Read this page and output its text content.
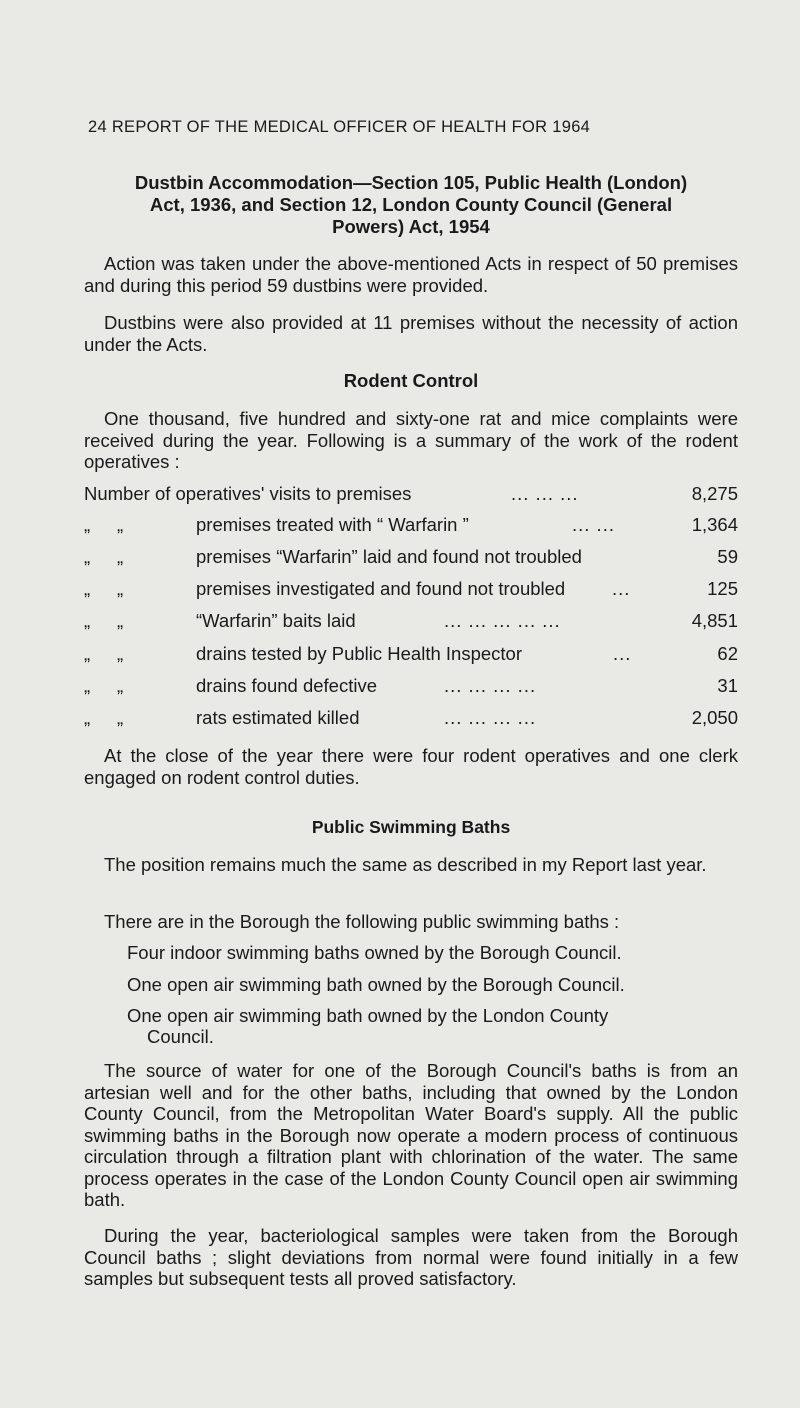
24 REPORT OF THE MEDICAL OFFICER OF HEALTH FOR 1964
Dustbin Accommodation—Section 105, Public Health (London)
Act, 1936, and Section 12, London County Council (General
Powers) Act, 1954
Action was taken under the above-mentioned Acts in respect of 50 premises and during this period 59 dustbins were provided.
Dustbins were also provided at 11 premises without the necessity of action under the Acts.
Rodent Control
One thousand, five hundred and sixty-one rat and mice complaints were received during the year. Following is a summary of the work of the rodent operatives :
Number of operatives' visits to premises	... ... ...	8,275
„ „	premises treated with “ Warfarin ”	... ...	1,364
„ „	premises “Warfarin” laid and found not troubled	59
„ „	premises investigated and found not troubled	...	125
„ „	“Warfarin” baits laid	... ... ... ... ...	4,851
„ „	drains tested by Public Health Inspector	...	62
„ „	drains found defective	... ... ... ...	31
„ „	rats estimated killed	... ... ... ...	2,050
At the close of the year there were four rodent operatives and one clerk engaged on rodent control duties.
Public Swimming Baths
The position remains much the same as described in my Report last year.
There are in the Borough the following public swimming baths :
Four indoor swimming baths owned by the Borough Council.
One open air swimming bath owned by the Borough Council.
One open air swimming bath owned by the London County
Council.
The source of water for one of the Borough Council's baths is from an artesian well and for the other baths, including that owned by the London County Council, from the Metropolitan Water Board's supply. All the public swimming baths in the Borough now operate a modern process of continuous circulation through a filtration plant with chlorination of the water. The same process operates in the case of the London County Council open air swimming bath.
During the year, bacteriological samples were taken from the Borough Council baths ; slight deviations from normal were found initially in a few samples but subsequent tests all proved satisfactory.
